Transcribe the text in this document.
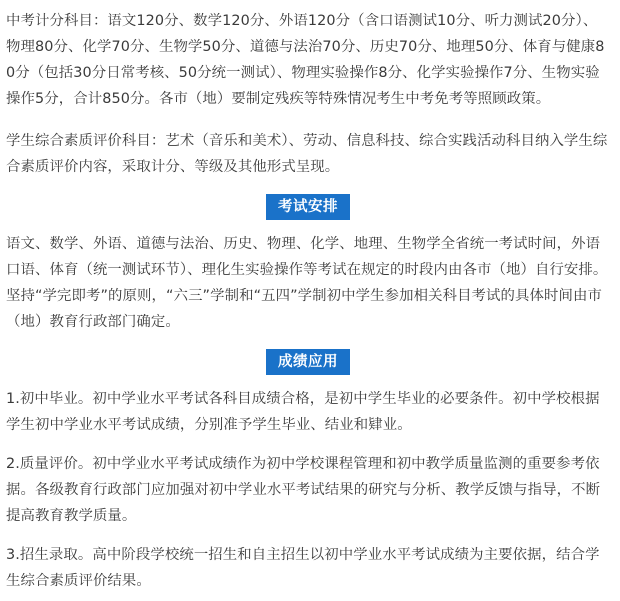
中考计分科目：语文120分、数学120分、外语120分（含口语测试10分、听力测试20分）、物理80分、化学70分、生物学50分、道德与法治70分、历史70分、地理50分、体育与健康80分（包括30分日常考核、50分统一测试）、物理实验操作8分、化学实验操作7分、生物实验操作5分，合计850分。各市（地）要制定残疾等特殊情况考生中考免考等照顾政策。

学生综合素质评价科目：艺术（音乐和美术）、劳动、信息科技、综合实践活动科目纳入学生综合素质评价内容，采取计分、等级及其他形式呈现。

考试安排

语文、数学、外语、道德与法治、历史、物理、化学、地理、生物学全省统一考试时间，外语口语、体育（统一测试环节）、理化生实验操作等考试在规定的时段内由各市（地）自行安排。坚持“学完即考”的原则，“六三”学制和“五四”学制初中学生参加相关科目考试的具体时间由市（地）教育行政部门确定。

成绩应用

1.初中毕业。初中学业水平考试各科目成绩合格，是初中学生毕业的必要条件。初中学校根据学生初中学业水平考试成绩，分别准予学生毕业、结业和肄业。

2.质量评价。初中学业水平考试成绩作为初中学校课程管理和初中教学质量监测的重要参考依据。各级教育行政部门应加强对初中学业水平考试结果的研究与分析、教学反馈与指导，不断提高教育教学质量。

3.招生录取。高中阶段学校统一招生和自主招生以初中学业水平考试成绩为主要依据，结合学生综合素质评价结果。
